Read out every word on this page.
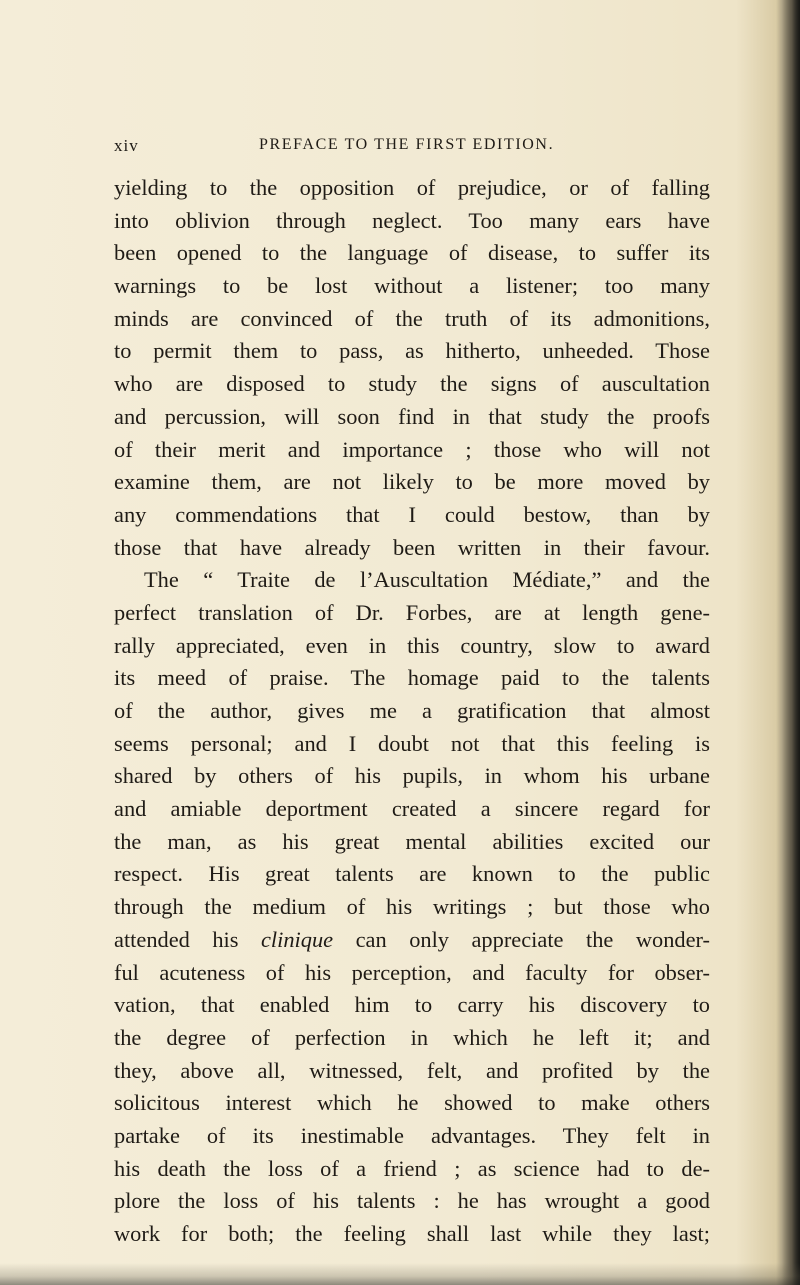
xiv	PREFACE TO THE FIRST EDITION.
yielding to the opposition of prejudice, or of falling
into oblivion through neglect. Too many ears have
been opened to the language of disease, to suffer its
warnings to be lost without a listener; too many
minds are convinced of the truth of its admonitions,
to permit them to pass, as hitherto, unheeded. Those
who are disposed to study the signs of auscultation
and percussion, will soon find in that study the proofs
of their merit and importance ; those who will not
examine them, are not likely to be more moved by
any commendations that I could bestow, than by
those that have already been written in their favour.
The “ Traite de l’Auscultation Médiate,” and the
perfect translation of Dr. Forbes, are at length gene-
rally appreciated, even in this country, slow to award
its meed of praise. The homage paid to the talents
of the author, gives me a gratification that almost
seems personal; and I doubt not that this feeling is
shared by others of his pupils, in whom his urbane
and amiable deportment created a sincere regard for
the man, as his great mental abilities excited our
respect. His great talents are known to the public
through the medium of his writings ; but those who
attended his clinique can only appreciate the wonder-
ful acuteness of his perception, and faculty for obser-
vation, that enabled him to carry his discovery to
the degree of perfection in which he left it; and
they, above all, witnessed, felt, and profited by the
solicitous interest which he showed to make others
partake of its inestimable advantages. They felt in
his death the loss of a friend ; as science had to de-
plore the loss of his talents : he has wrought a good
work for both; the feeling shall last while they last;
